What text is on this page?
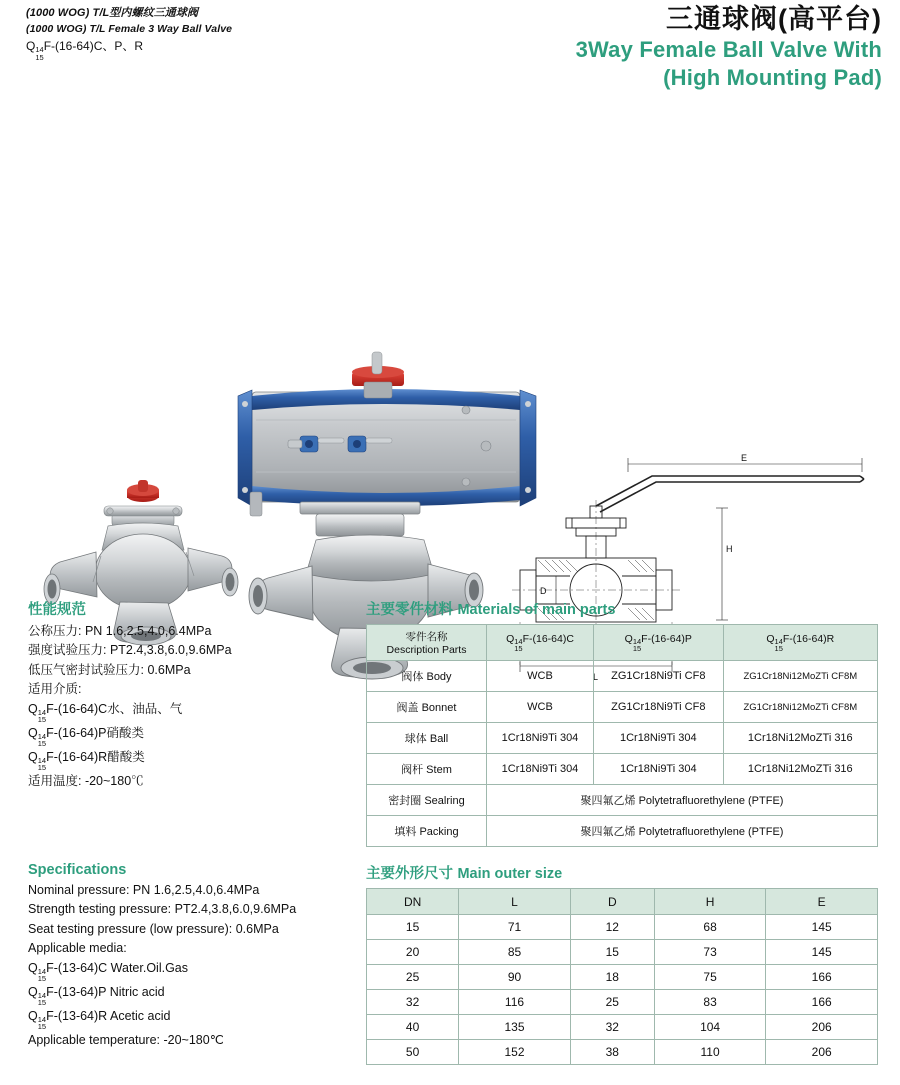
(1000 WOG) T/L型内螺纹三通球阀
(1000 WOG) T/L Female 3 Way Ball Valve
Q 14
15
F-(16-64)C、P、R
三通球阀(高平台)
3Way Female Ball Valve With
(High Mounting Pad)
E
H
D
L
性能规范
公称压力: PN 1.6,2.5,4.0,6.4MPa
强度试验压力: PT2.4,3.8,6.0,9.6MPa
低压气密封试验压力: 0.6MPa
适用介质:
Q 14
15
F-(16-64)C水、油品、气
Q 14
15
F-(16-64)P硝酸类
Q 14
15
F-(16-64)R醋酸类
适用温度: -20~180℃
Specifications
Nominal pressure: PN 1.6,2.5,4.0,6.4MPa
Strength testing pressure: PT2.4,3.8,6.0,9.6MPa
Seat testing pressure (low pressure): 0.6MPa
Applicable media:
Q 14
15
F-(13-64)C Water.Oil.Gas
Q 14
15
F-(13-64)P Nitric acid
Q 14
15
F-(13-64)R Acetic acid
Applicable temperature: -20~180℃
主要零件材料 Materials of main parts
零件名称
Description Parts
	Q 14
15
F-(16-64)C	Q 14
15
F-(16-64)P	Q 14
15
F-(16-64)R
阀体 Body	WCB	ZG1Cr18Ni9Ti CF8	ZG1Cr18Ni12MoZTi CF8M
阀盖 Bonnet	WCB	ZG1Cr18Ni9Ti CF8	ZG1Cr18Ni12MoZTi CF8M
球体 Ball	1Cr18Ni9Ti 304	1Cr18Ni9Ti 304	1Cr18Ni12MoZTi 316
阀杆 Stem	1Cr18Ni9Ti 304	1Cr18Ni9Ti 304	1Cr18Ni12MoZTi 316
密封圈 Sealring	聚四氟乙烯 Polytetrafluorethylene (PTFE)		
填料 Packing	聚四氟乙烯 Polytetrafluorethylene (PTFE)		
主要外形尺寸 Main outer size
DN	L	D	H	E
15	71	12	68	145
20	85	15	73	145
25	90	18	75	166
32	116	25	83	166
40	135	32	104	206
50	152	38	110	206
